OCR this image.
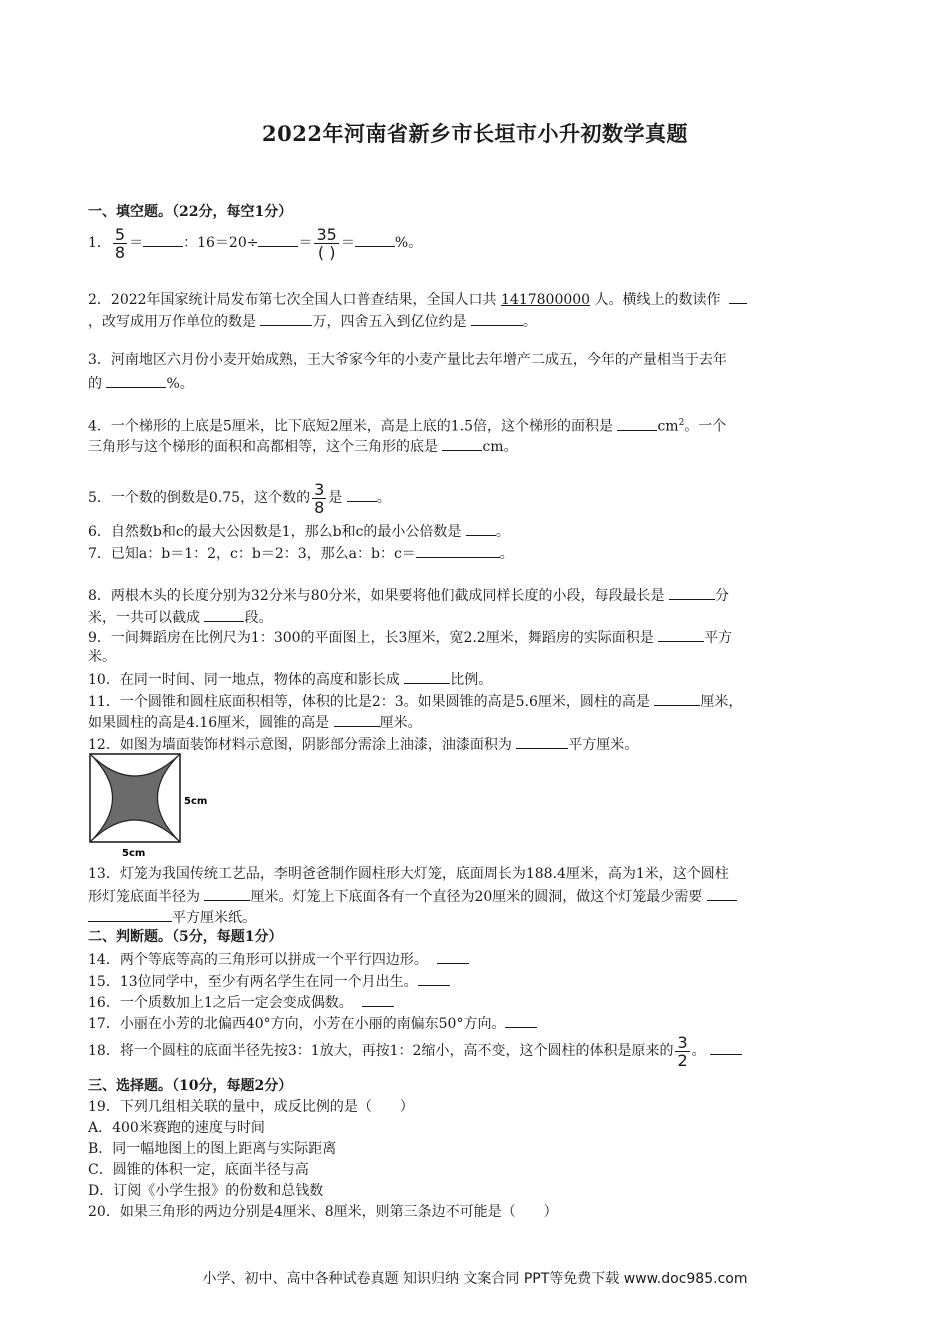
2022年河南省新乡市长垣市小升初数学真题
一、填空题。（22分，每空1分）
1． $\frac{5}{8}$ ＝	：16＝20÷	＝ $\frac{35}{( )}$ ＝	%。
2．2022年国家统计局发布第七次全国人口普查结果，全国人口共 1417800000 人。横线上的数读作
，改写成用万作单位的数是	万，四舍五入到亿位约是	。
3．河南地区六月份小麦开始成熟，王大爷家今年的小麦产量比去年增产二成五，今年的产量相当于去年
的	%。
4．一个梯形的上底是5厘米，比下底短2厘米，高是上底的1.5倍，这个梯形的面积是	$cm^2$。一个
三角形与这个梯形的面积和高都相等，这个三角形的底是	cm。
5．一个数的倒数是0.75，这个数的 $\frac{3}{8}$ 是 。
6．自然数b和c的最大公因数是1，那么b和c的最小公倍数是 。
7．已知a：b＝1：2，c：b＝2：3，那么a：b：c＝	。
8．两根木头的长度分别为32分米与80分米，如果要将他们截成同样长度的小段，每段最长是	分
米，一共可以截成	段。
9．一间舞蹈房在比例尺为1：300的平面图上，长3厘米，宽2.2厘米，舞蹈房的实际面积是	平方
米。
10．在同一时间、同一地点，物体的高度和影长成	比例。
11．一个圆锥和圆柱底面积相等，体积的比是2：3。如果圆锥的高是5.6厘米，圆柱的高是	厘米，
如果圆柱的高是4.16厘米，圆锥的高是	厘米。
12．如图为墙面装饰材料示意图，阴影部分需涂上油漆，油漆面积为	平方厘米。
5cm
5cm
13．灯笼为我国传统工艺品，李明爸爸制作圆柱形大灯笼，底面周长为188.4厘米，高为1米，这个圆柱
形灯笼底面半径为	厘米。灯笼上下底面各有一个直径为20厘米的圆洞，做这个灯笼最少需要
平方厘米纸。
二、判断题。（5分，每题1分）
14．两个等底等高的三角形可以拼成一个平行四边形。
15．13位同学中，至少有两名学生在同一个月出生。
16．一个质数加上1之后一定会变成偶数。
17．小丽在小芳的北偏西40°方向，小芳在小丽的南偏东50°方向。
18．将一个圆柱的底面半径先按3：1放大，再按1：2缩小，高不变，这个圆柱的体积是原来的 $\frac{3}{2}$ 。
三、选择题。（10分，每题2分）
19．下列几组相关联的量中，成反比例的是（　　）
A．400米赛跑的速度与时间
B．同一幅地图上的图上距离与实际距离
C．圆锥的体积一定，底面半径与高
D．订阅《小学生报》的份数和总钱数
20．如果三角形的两边分别是4厘米、8厘米，则第三条边不可能是（　　）
小学、初中、高中各种试卷真题 知识归纳 文案合同 PPT等免费下载 www.doc985.com
